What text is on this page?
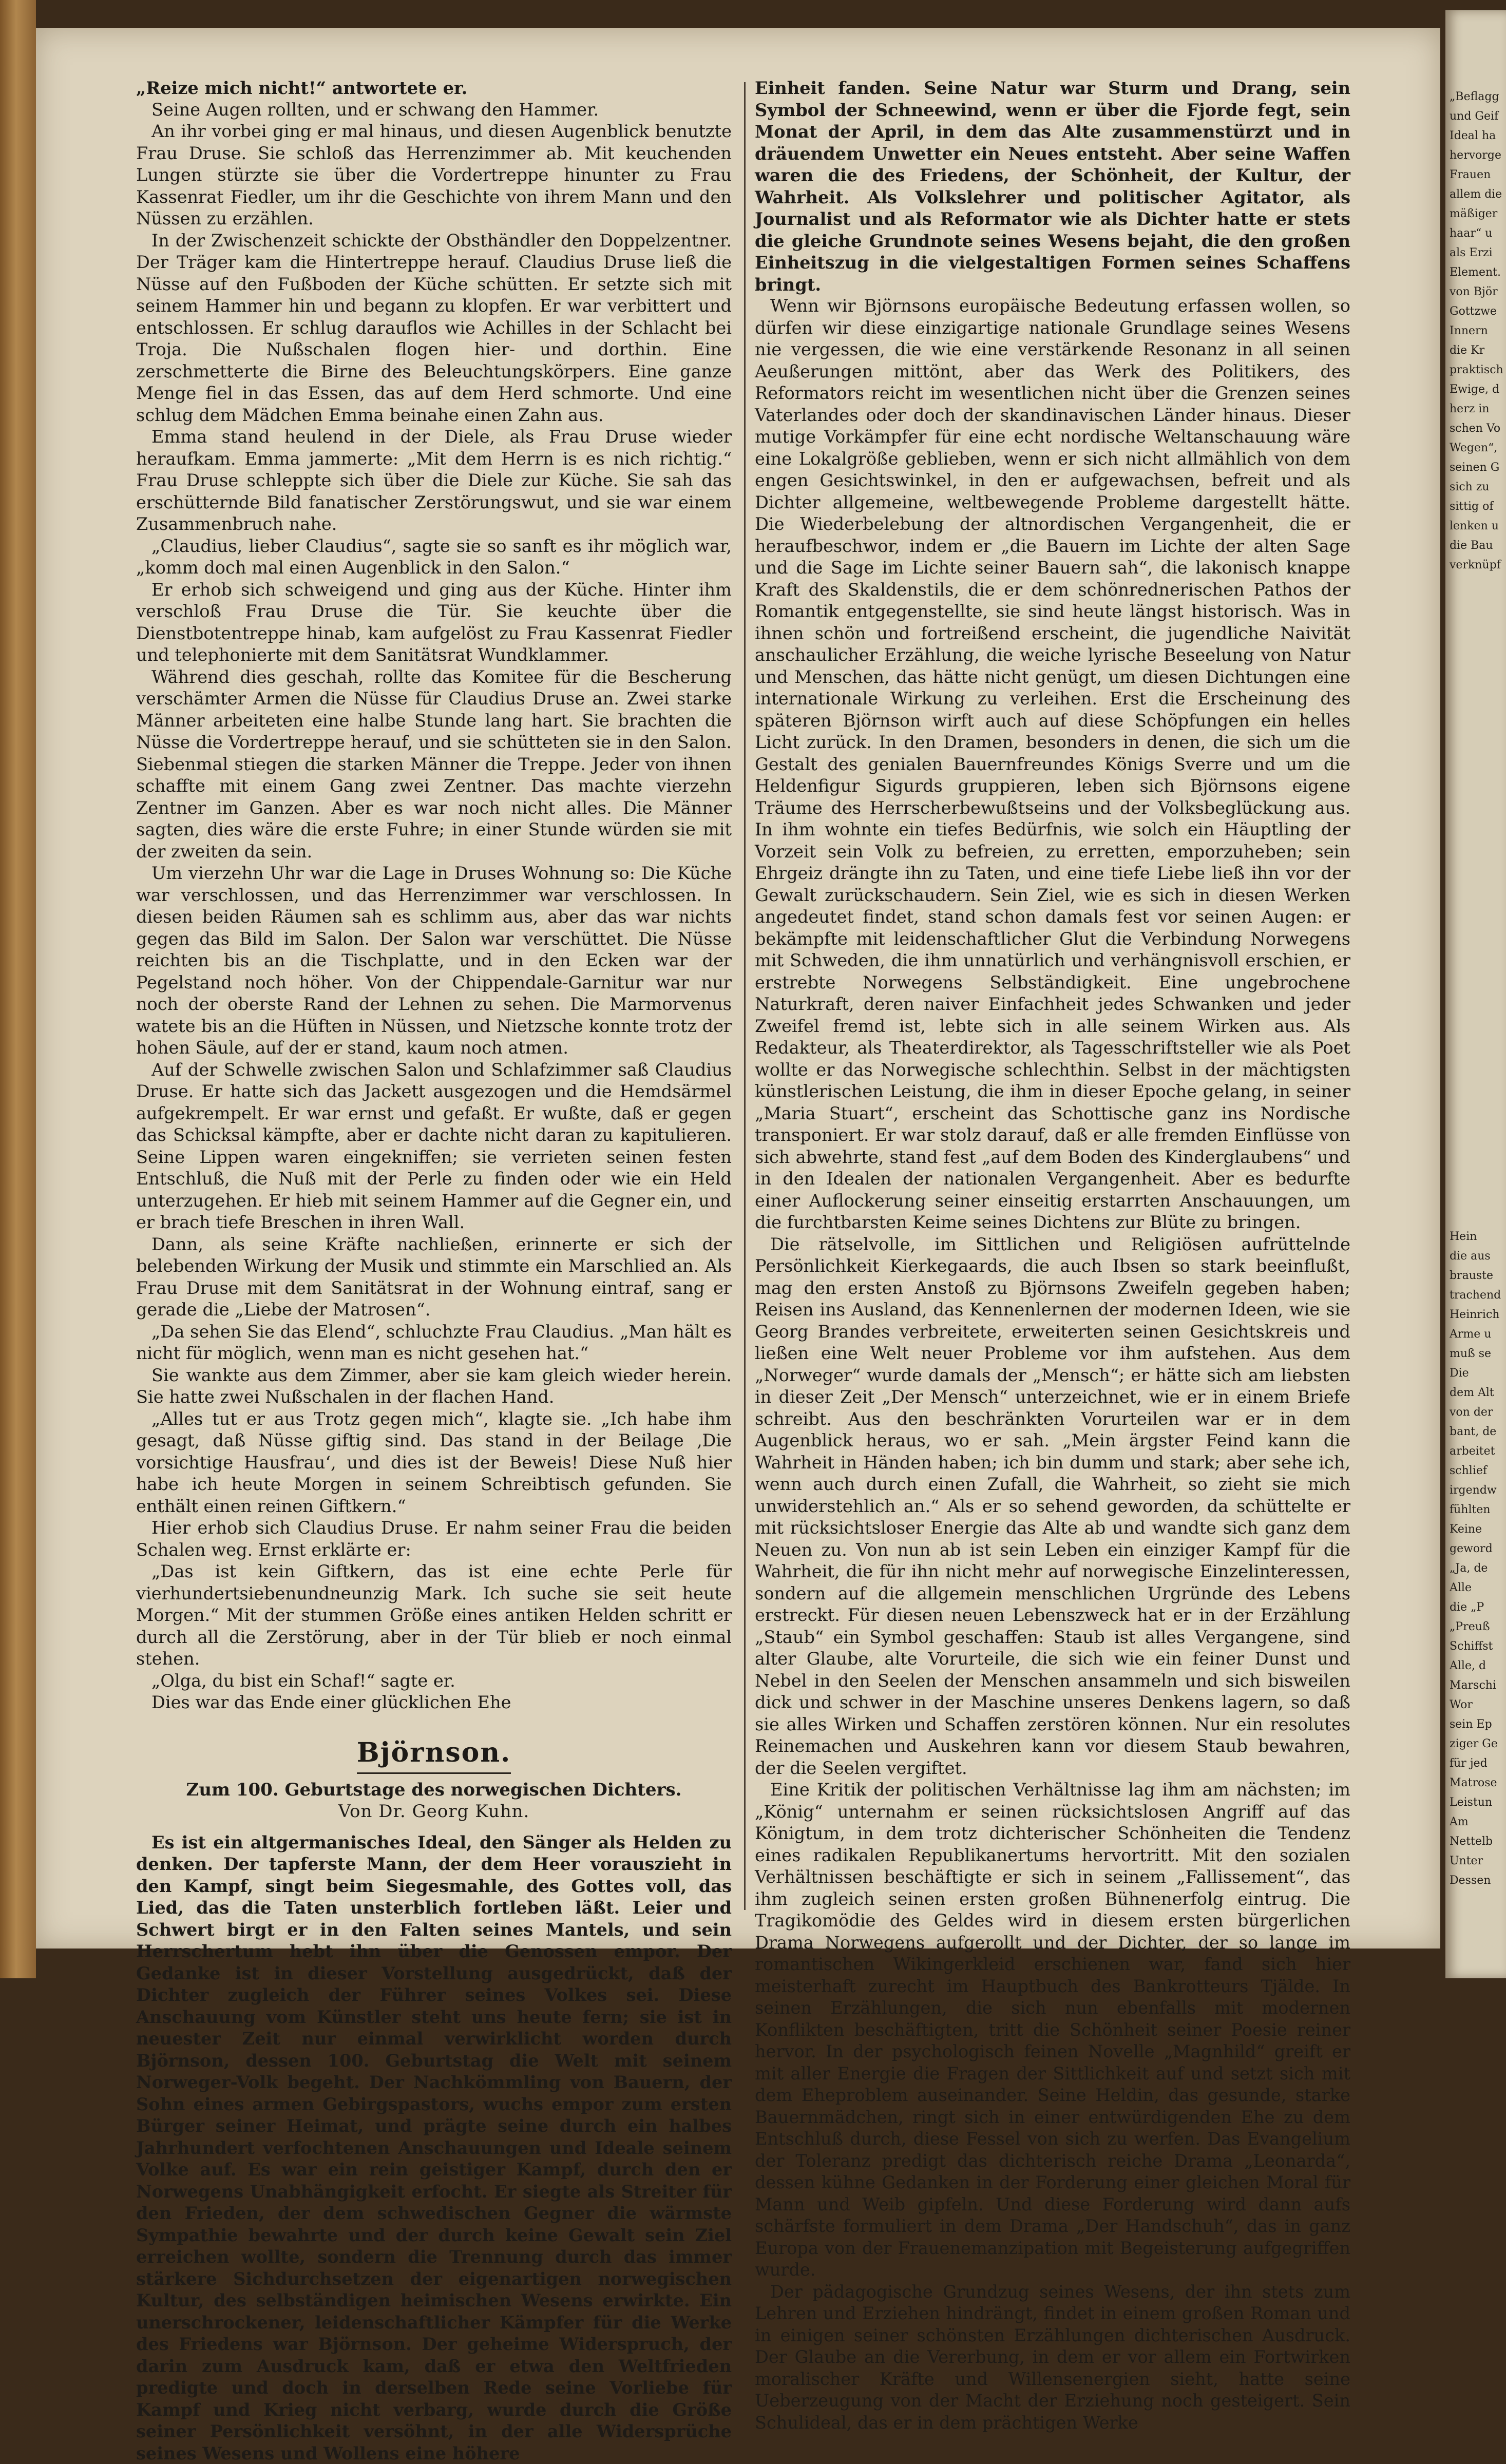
„Reize mich nicht!“ antwortete er.

Seine Augen rollten, und er schwang den Hammer.

An ihr vorbei ging er mal hinaus, und diesen Augenblick benutzte Frau Druse. Sie schloß das Herrenzimmer ab. Mit keuchenden Lungen stürzte sie über die Vordertreppe hinunter zu Frau Kassenrat Fiedler, um ihr die Geschichte von ihrem Mann und den Nüssen zu erzählen.

In der Zwischenzeit schickte der Obsthändler den Doppelzentner. Der Träger kam die Hintertreppe herauf. Claudius Druse ließ die Nüsse auf den Fußboden der Küche schütten. Er setzte sich mit seinem Hammer hin und begann zu klopfen. Er war verbittert und entschlossen. Er schlug darauflos wie Achilles in der Schlacht bei Troja. Die Nußschalen flogen hier- und dorthin. Eine zerschmetterte die Birne des Beleuchtungskörpers. Eine ganze Menge fiel in das Essen, das auf dem Herd schmorte. Und eine schlug dem Mädchen Emma beinahe einen Zahn aus.

Emma stand heulend in der Diele, als Frau Druse wieder heraufkam. Emma jammerte: „Mit dem Herrn is es nich richtig.“ Frau Druse schleppte sich über die Diele zur Küche. Sie sah das erschütternde Bild fanatischer Zerstörungswut, und sie war einem Zusammenbruch nahe.

„Claudius, lieber Claudius“, sagte sie so sanft es ihr möglich war, „komm doch mal einen Augenblick in den Salon.“

Er erhob sich schweigend und ging aus der Küche. Hinter ihm verschloß Frau Druse die Tür. Sie keuchte über die Dienstbotentreppe hinab, kam aufgelöst zu Frau Kassenrat Fiedler und telephonierte mit dem Sanitätsrat Wundklammer.

Während dies geschah, rollte das Komitee für die Bescherung verschämter Armen die Nüsse für Claudius Druse an. Zwei starke Männer arbeiteten eine halbe Stunde lang hart. Sie brachten die Nüsse die Vordertreppe herauf, und sie schütteten sie in den Salon. Siebenmal stiegen die starken Männer die Treppe. Jeder von ihnen schaffte mit einem Gang zwei Zentner. Das machte vierzehn Zentner im Ganzen. Aber es war noch nicht alles. Die Männer sagten, dies wäre die erste Fuhre; in einer Stunde würden sie mit der zweiten da sein.

Um vierzehn Uhr war die Lage in Druses Wohnung so: Die Küche war verschlossen, und das Herrenzimmer war verschlossen. In diesen beiden Räumen sah es schlimm aus, aber das war nichts gegen das Bild im Salon. Der Salon war verschüttet. Die Nüsse reichten bis an die Tischplatte, und in den Ecken war der Pegelstand noch höher. Von der Chippendale-Garnitur war nur noch der oberste Rand der Lehnen zu sehen. Die Marmorvenus watete bis an die Hüften in Nüssen, und Nietzsche konnte trotz der hohen Säule, auf der er stand, kaum noch atmen.

Auf der Schwelle zwischen Salon und Schlafzimmer saß Claudius Druse. Er hatte sich das Jackett ausgezogen und die Hemdsärmel aufgekrempelt. Er war ernst und gefaßt. Er wußte, daß er gegen das Schicksal kämpfte, aber er dachte nicht daran zu kapitulieren. Seine Lippen waren eingekniffen; sie verrieten seinen festen Entschluß, die Nuß mit der Perle zu finden oder wie ein Held unterzugehen. Er hieb mit seinem Hammer auf die Gegner ein, und er brach tiefe Breschen in ihren Wall.

Dann, als seine Kräfte nachließen, erinnerte er sich der belebenden Wirkung der Musik und stimmte ein Marschlied an. Als Frau Druse mit dem Sanitätsrat in der Wohnung eintraf, sang er gerade die „Liebe der Matrosen“.

„Da sehen Sie das Elend“, schluchzte Frau Claudius. „Man hält es nicht für möglich, wenn man es nicht gesehen hat.“

Sie wankte aus dem Zimmer, aber sie kam gleich wieder herein. Sie hatte zwei Nußschalen in der flachen Hand.

„Alles tut er aus Trotz gegen mich“, klagte sie. „Ich habe ihm gesagt, daß Nüsse giftig sind. Das stand in der Beilage ‚Die vorsichtige Hausfrau‘, und dies ist der Beweis! Diese Nuß hier habe ich heute Morgen in seinem Schreibtisch gefunden. Sie enthält einen reinen Giftkern.“

Hier erhob sich Claudius Druse. Er nahm seiner Frau die beiden Schalen weg. Ernst erklärte er:

„Das ist kein Giftkern, das ist eine echte Perle für vierhundertsiebenundneunzig Mark. Ich suche sie seit heute Morgen.“ Mit der stummen Größe eines antiken Helden schritt er durch all die Zerstörung, aber in der Tür blieb er noch einmal stehen.

„Olga, du bist ein Schaf!“ sagte er.

Dies war das Ende einer glücklichen Ehe

Björnson.
Zum 100. Geburtstage des norwegischen Dichters.
Von Dr. Georg Kuhn.

Es ist ein altgermanisches Ideal, den Sänger als Helden zu denken. Der tapferste Mann, der dem Heer vorauszieht in den Kampf, singt beim Siegesmahle, des Gottes voll, das Lied, das die Taten unsterblich fortleben läßt. Leier und Schwert birgt er in den Falten seines Mantels, und sein Herrschertum hebt ihn über die Genossen empor. Der Gedanke ist in dieser Vorstellung ausgedrückt, daß der Dichter zugleich der Führer seines Volkes sei. Diese Anschauung vom Künstler steht uns heute fern; sie ist in neuester Zeit nur einmal verwirklicht worden durch Björnson, dessen 100. Geburtstag die Welt mit seinem Norweger-Volk begeht. Der Nachkömmling von Bauern, der Sohn eines armen Gebirgspastors, wuchs empor zum ersten Bürger seiner Heimat, und prägte seine durch ein halbes Jahrhundert verfochtenen Anschauungen und Ideale seinem Volke auf. Es war ein rein geistiger Kampf, durch den er Norwegens Unabhängigkeit erfocht. Er siegte als Streiter für den Frieden, der dem schwedischen Gegner die wärmste Sympathie bewahrte und der durch keine Gewalt sein Ziel erreichen wollte, sondern die Trennung durch das immer stärkere Sichdurchsetzen der eigenartigen norwegischen Kultur, des selbständigen heimischen Wesens erwirkte. Ein unerschrockener, leidenschaftlicher Kämpfer für die Werke des Friedens war Björnson. Der geheime Widerspruch, der darin zum Ausdruck kam, daß er etwa den Weltfrieden predigte und doch in derselben Rede seine Vorliebe für Kampf und Krieg nicht verbarg, wurde durch die Größe seiner Persönlichkeit versöhnt, in der alle Widersprüche seines Wesens und Wollens eine höhere

Einheit fanden. Seine Natur war Sturm und Drang, sein Symbol der Schneewind, wenn er über die Fjorde fegt, sein Monat der April, in dem das Alte zusammenstürzt und in dräuendem Unwetter ein Neues entsteht. Aber seine Waffen waren die des Friedens, der Schönheit, der Kultur, der Wahrheit. Als Volkslehrer und politischer Agitator, als Journalist und als Reformator wie als Dichter hatte er stets die gleiche Grundnote seines Wesens bejaht, die den großen Einheitszug in die vielgestaltigen Formen seines Schaffens bringt.

Wenn wir Björnsons europäische Bedeutung erfassen wollen, so dürfen wir diese einzigartige nationale Grundlage seines Wesens nie vergessen, die wie eine verstärkende Resonanz in all seinen Aeußerungen mittönt, aber das Werk des Politikers, des Reformators reicht im wesentlichen nicht über die Grenzen seines Vaterlandes oder doch der skandinavischen Länder hinaus. Dieser mutige Vorkämpfer für eine echt nordische Weltanschauung wäre eine Lokalgröße geblieben, wenn er sich nicht allmählich von dem engen Gesichtswinkel, in den er aufgewachsen, befreit und als Dichter allgemeine, weltbewegende Probleme dargestellt hätte. Die Wiederbelebung der altnordischen Vergangenheit, die er heraufbeschwor, indem er „die Bauern im Lichte der alten Sage und die Sage im Lichte seiner Bauern sah“, die lakonisch knappe Kraft des Skaldenstils, die er dem schönrednerischen Pathos der Romantik entgegenstellte, sie sind heute längst historisch. Was in ihnen schön und fortreißend erscheint, die jugendliche Naivität anschaulicher Erzählung, die weiche lyrische Beseelung von Natur und Menschen, das hätte nicht genügt, um diesen Dichtungen eine internationale Wirkung zu verleihen. Erst die Erscheinung des späteren Björnson wirft auch auf diese Schöpfungen ein helles Licht zurück. In den Dramen, besonders in denen, die sich um die Gestalt des genialen Bauernfreundes Königs Sverre und um die Heldenfigur Sigurds gruppieren, leben sich Björnsons eigene Träume des Herrscherbewußtseins und der Volksbeglückung aus. In ihm wohnte ein tiefes Bedürfnis, wie solch ein Häuptling der Vorzeit sein Volk zu befreien, zu erretten, emporzuheben; sein Ehrgeiz drängte ihn zu Taten, und eine tiefe Liebe ließ ihn vor der Gewalt zurückschaudern. Sein Ziel, wie es sich in diesen Werken angedeutet findet, stand schon damals fest vor seinen Augen: er bekämpfte mit leidenschaftlicher Glut die Verbindung Norwegens mit Schweden, die ihm unnatürlich und verhängnisvoll erschien, er erstrebte Norwegens Selbständigkeit. Eine ungebrochene Naturkraft, deren naiver Einfachheit jedes Schwanken und jeder Zweifel fremd ist, lebte sich in alle seinem Wirken aus. Als Redakteur, als Theaterdirektor, als Tagesschriftsteller wie als Poet wollte er das Norwegische schlechthin. Selbst in der mächtigsten künstlerischen Leistung, die ihm in dieser Epoche gelang, in seiner „Maria Stuart“, erscheint das Schottische ganz ins Nordische transponiert. Er war stolz darauf, daß er alle fremden Einflüsse von sich abwehrte, stand fest „auf dem Boden des Kinderglaubens“ und in den Idealen der nationalen Vergangenheit. Aber es bedurfte einer Auflockerung seiner einseitig erstarrten Anschauungen, um die furchtbarsten Keime seines Dichtens zur Blüte zu bringen.

Die rätselvolle, im Sittlichen und Religiösen aufrüttelnde Persönlichkeit Kierkegaards, die auch Ibsen so stark beeinflußt, mag den ersten Anstoß zu Björnsons Zweifeln gegeben haben; Reisen ins Ausland, das Kennenlernen der modernen Ideen, wie sie Georg Brandes verbreitete, erweiterten seinen Gesichtskreis und ließen eine Welt neuer Probleme vor ihm aufstehen. Aus dem „Norweger“ wurde damals der „Mensch“; er hätte sich am liebsten in dieser Zeit „Der Mensch“ unterzeichnet, wie er in einem Briefe schreibt. Aus den beschränkten Vorurteilen war er in dem Augenblick heraus, wo er sah. „Mein ärgster Feind kann die Wahrheit in Händen haben; ich bin dumm und stark; aber sehe ich, wenn auch durch einen Zufall, die Wahrheit, so zieht sie mich unwiderstehlich an.“ Als er so sehend geworden, da schüttelte er mit rücksichtsloser Energie das Alte ab und wandte sich ganz dem Neuen zu. Von nun ab ist sein Leben ein einziger Kampf für die Wahrheit, die für ihn nicht mehr auf norwegische Einzelinteressen, sondern auf die allgemein menschlichen Urgründe des Lebens erstreckt. Für diesen neuen Lebenszweck hat er in der Erzählung „Staub“ ein Symbol geschaffen: Staub ist alles Vergangene, sind alter Glaube, alte Vorurteile, die sich wie ein feiner Dunst und Nebel in den Seelen der Menschen ansammeln und sich bisweilen dick und schwer in der Maschine unseres Denkens lagern, so daß sie alles Wirken und Schaffen zerstören können. Nur ein resolutes Reinemachen und Auskehren kann vor diesem Staub bewahren, der die Seelen vergiftet.

Eine Kritik der politischen Verhältnisse lag ihm am nächsten; im „König“ unternahm er seinen rücksichtslosen Angriff auf das Königtum, in dem trotz dichterischer Schönheiten die Tendenz eines radikalen Republikanertums hervortritt. Mit den sozialen Verhältnissen beschäftigte er sich in seinem „Fallissement“, das ihm zugleich seinen ersten großen Bühnenerfolg eintrug. Die Tragikomödie des Geldes wird in diesem ersten bürgerlichen Drama Norwegens aufgerollt und der Dichter, der so lange im romantischen Wikingerkleid erschienen war, fand sich hier meisterhaft zurecht im Hauptbuch des Bankrotteurs Tjälde. In seinen Erzählungen, die sich nun ebenfalls mit modernen Konflikten beschäftigten, tritt die Schönheit seiner Poesie reiner hervor. In der psychologisch feinen Novelle „Magnhild“ greift er mit aller Energie die Fragen der Sittlichkeit auf und setzt sich mit dem Eheproblem auseinander. Seine Heldin, das gesunde, starke Bauernmädchen, ringt sich in einer entwürdigenden Ehe zu dem Entschluß durch, diese Fessel von sich zu werfen. Das Evangelium der Toleranz predigt das dichterisch reiche Drama „Leonarda“, dessen kühne Gedanken in der Forderung einer gleichen Moral für Mann und Weib gipfeln. Und diese Forderung wird dann aufs schärfste formuliert in dem Drama „Der Handschuh“, das in ganz Europa von der Frauenemanzipation mit Begeisterung aufgegriffen wurde.

Der pädagogische Grundzug seines Wesens, der ihn stets zum Lehren und Erziehen hindrängt, findet in einem großen Roman und in einigen seiner schönsten Erzählungen dichterischen Ausdruck. Der Glaube an die Vererbung, in dem er vor allem ein Fortwirken moralischer Kräfte und Willensenergien sieht, hatte seine Ueberzeugung von der Macht der Erziehung noch gesteigert. Sein Schulideal, das er in dem prächtigen Werke

„Beflagg
und Geif
Ideal ha
hervorge
Frauen
allem die
mäßiger
haar“ u
als Erzi
Element.
von Björ
Gottzwe
Innern
die Kr
praktisch
Ewige, d
herz in
schen Vo
Wegen“,
seinen G
sich zu
sittig of
lenken u
die Bau
verknüpf
Hein
die aus
brauste
trachend
Heinrich
Arme u
muß se
Die
dem Alt
von der
bant, de
arbeitet
schlief
irgendw
fühlten
Keine
geword
„Ja, de
Alle
die „P
„Preuß
Schiffst
Alle, d
Marschi
Wor
sein Ep
ziger Ge
für jed
Matrose
Leistun
Am
Nettelb
Unter
Dessen
